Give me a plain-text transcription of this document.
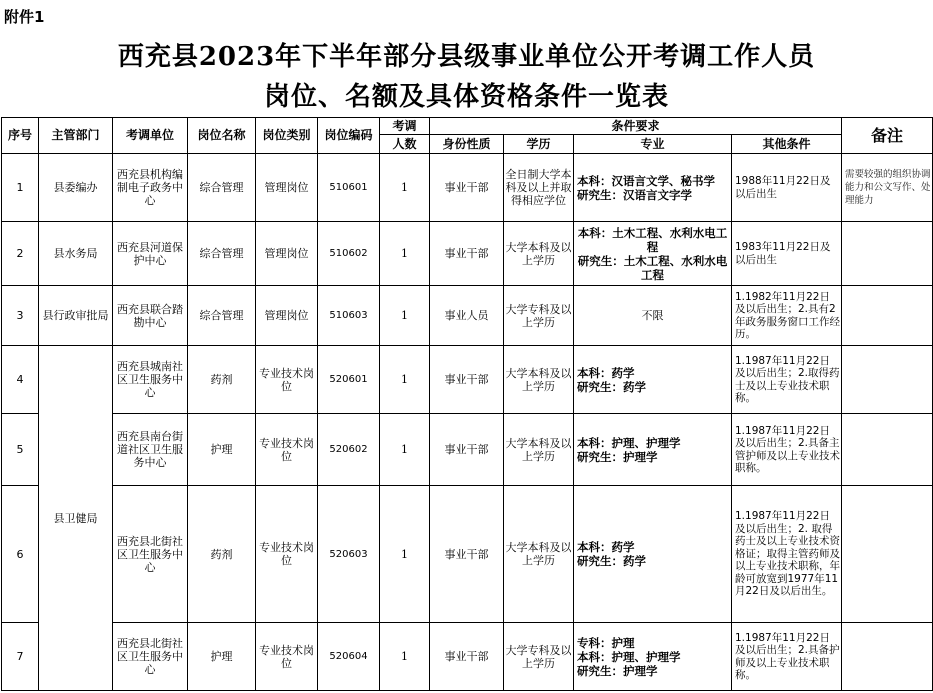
附件1
西充县2023年下半年部分县级事业单位公开考调工作人员
岗位、名额及具体资格条件一览表
序号	主管部门	考调单位	岗位名称	岗位类别	岗位编码	考调	条件要求				备注
						人数	身份性质	学历	专业	其他条件	
1	县委编办	西充县机构编制电子政务中心	综合管理	管理岗位	510601	1	事业干部	全日制大学本科及以上并取得相应学位	本科：汉语言文学、秘书学
研究生：汉语言文字学	1988年11月22日及以后出生	需要较强的组织协调能力和公文写作、处理能力
2	县水务局	西充县河道保护中心	综合管理	管理岗位	510602	1	事业干部	大学本科及以上学历	本科：土木工程、水利水电工程
研究生：土木工程、水利水电工程	1983年11月22日及以后出生	
3	县行政审批局	西充县联合踏勘中心	综合管理	管理岗位	510603	1	事业人员	大学专科及以上学历	不限	1.1982年11月22日及以后出生；2.具有2年政务服务窗口工作经历。	
4	县卫健局	西充县城南社区卫生服务中心	药剂	专业技术岗位	520601	1	事业干部	大学本科及以上学历	本科：药学
研究生：药学	1.1987年11月22日及以后出生；2.取得药士及以上专业技术职称。	
5		西充县南台街道社区卫生服务中心	护理	专业技术岗位	520602	1	事业干部	大学本科及以上学历	本科：护理、护理学
研究生：护理学	1.1987年11月22日及以后出生；2.具备主管护师及以上专业技术职称。	
6		西充县北街社区卫生服务中心	药剂	专业技术岗位	520603	1	事业干部	大学本科及以上学历	本科：药学
研究生：药学	1.1987年11月22日及以后出生；2. 取得药士及以上专业技术资格证；取得主管药师及以上专业技术职称，年龄可放宽到1977年11月22日及以后出生。	
7		西充县北街社区卫生服务中心	护理	专业技术岗位	520604	1	事业干部	大学专科及以上学历	专科：护理
本科：护理、护理学
研究生：护理学	1.1987年11月22日及以后出生；2.具备护师及以上专业技术职称。	
